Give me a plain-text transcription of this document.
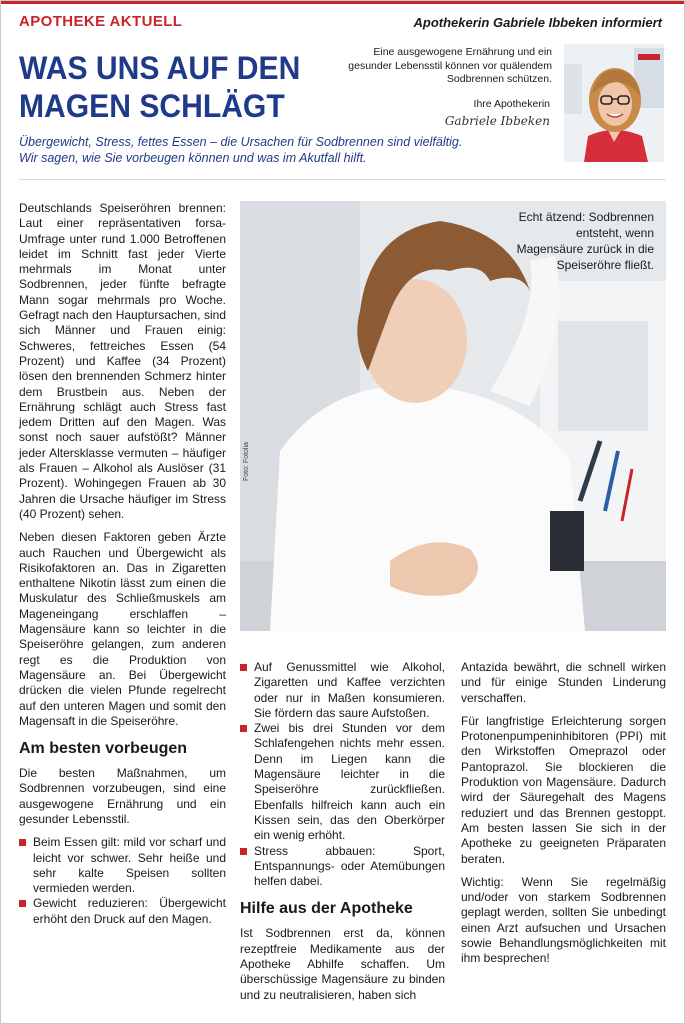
APOTHEKE AKTUELL	Apothekerin Gabriele Ibbeken informiert
WAS UNS AUF DEN
MAGEN SCHLÄGT
Eine ausgewogene Ernährung und ein gesunder Lebensstil können vor quälendem Sodbrennen schützen.
Ihre Apothekerin
Gabriele Ibbeken
Übergewicht, Stress, fettes Essen – die Ursachen für Sodbrennen sind vielfältig.
Wir sagen, wie Sie vorbeugen können und was im Akutfall hilft.

Deutschlands Speiseröhren brennen: Laut einer repräsentativen forsa-Umfrage unter rund 1.000 Betroffenen leidet im Schnitt fast jeder Vierte mehrmals im Monat unter Sodbrennen, jeder fünfte befragte Mann sogar mehrmals pro Woche. Gefragt nach den Hauptursachen, sind sich Männer und Frauen einig: Schweres, fettreiches Essen (54 Prozent) und Kaffee (34 Prozent) lösen den brennenden Schmerz hinter dem Brustbein aus. Neben der Ernährung schlägt auch Stress fast jedem Dritten auf den Magen. Was sonst noch sauer aufstößt? Männer jeder Altersklasse vermuten – häufiger als Frauen – Alkohol als Auslöser (31 Prozent). Wohingegen Frauen ab 30 Jahren die Ursache häufiger im Stress (40 Prozent) sehen.

Neben diesen Faktoren geben Ärzte auch Rauchen und Übergewicht als Risikofaktoren an. Das in Zigaretten enthaltene Nikotin lässt zum einen die Muskulatur des Schließmuskels am Mageneingang erschlaffen – Magensäure kann so leichter in die Speiseröhre gelangen, zum anderen regt es die Produktion von Magensäure an. Bei Übergewicht drücken die vielen Pfunde regelrecht auf den unteren Magen und somit den Magensaft in die Speiseröhre.

Am besten vorbeugen

Die besten Maßnahmen, um Sodbrennen vorzubeugen, sind eine ausgewogene Ernährung und ein gesunder Lebensstil.

Beim Essen gilt: mild vor scharf und leicht vor schwer. Sehr heiße und sehr kalte Speisen sollten vermieden werden.
Gewicht reduzieren: Übergewicht erhöht den Druck auf den Magen.
Echt ätzend: Sodbrennen entsteht, wenn Magensäure zurück in die Speiseröhre fließt.
Foto: Fotolia
Auf Genussmittel wie Alkohol, Zigaretten und Kaffee verzichten oder nur in Maßen konsumieren. Sie fördern das saure Aufstoßen.
Zwei bis drei Stunden vor dem Schlafengehen nichts mehr essen. Denn im Liegen kann die Magensäure leichter in die Speiseröhre zurückfließen. Ebenfalls hilfreich kann auch ein Kissen sein, das den Oberkörper ein wenig erhöht.
Stress abbauen: Sport, Entspannungs- oder Atemübungen helfen dabei.
Hilfe aus der Apotheke

Ist Sodbrennen erst da, können rezeptfreie Medikamente aus der Apotheke Abhilfe schaffen. Um überschüssige Magensäure zu binden und zu neutralisieren, haben sich

Antazida bewährt, die schnell wirken und für einige Stunden Linderung verschaffen.

Für langfristige Erleichterung sorgen Protonenpumpeninhibitoren (PPI) mit den Wirkstoffen Omeprazol oder Pantoprazol. Sie blockieren die Produktion von Magensäure. Dadurch wird der Säuregehalt des Magens reduziert und das Brennen gestoppt. Am besten lassen Sie sich in der Apotheke zu geeigneten Präparaten beraten.

Wichtig: Wenn Sie regelmäßig und/oder von starkem Sodbrennen geplagt werden, sollten Sie unbedingt einen Arzt aufsuchen und Ursachen sowie Behandlungsmöglichkeiten mit ihm besprechen!
